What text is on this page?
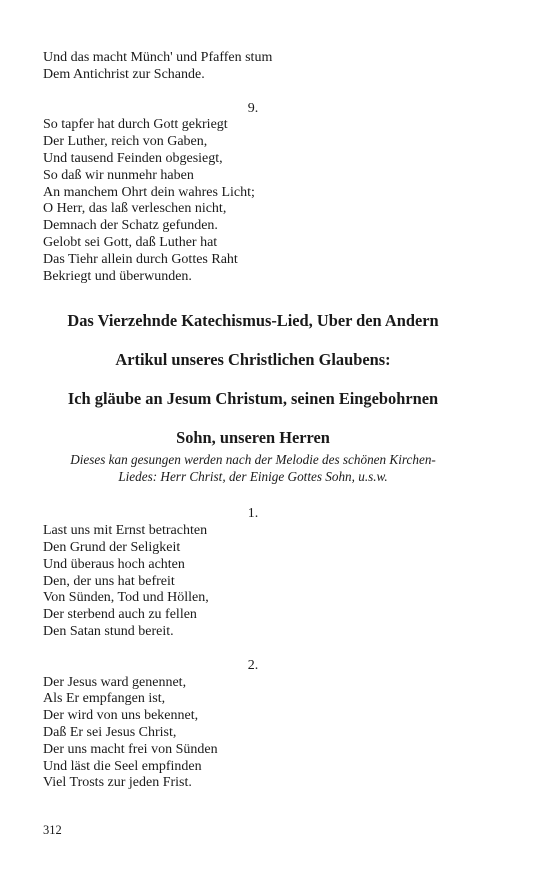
Und das macht Münch' und Pfaffen stum
Dem Antichrist zur Schande.
9.
So tapfer hat durch Gott gekriegt
Der Luther, reich von Gaben,
Und tausend Feinden obgesiegt,
So daß wir nunmehr haben
An manchem Ohrt dein wahres Licht;
O Herr, das laß verleschen nicht,
Demnach der Schatz gefunden.
Gelobt sei Gott, daß Luther hat
Das Tiehr allein durch Gottes Raht
Bekriegt und überwunden.
Das Vierzehnde Katechismus-Lied, Uber den Andern
Artikul unseres Christlichen Glaubens:
Ich gläube an Jesum Christum, seinen Eingebohrnen
Sohn, unseren Herren
Dieses kan gesungen werden nach der Melodie des schönen Kirchen-
Liedes: Herr Christ, der Einige Gottes Sohn, u.s.w.
1.
Last uns mit Ernst betrachten
Den Grund der Seligkeit
Und überaus hoch achten
Den, der uns hat befreit
Von Sünden, Tod und Höllen,
Der sterbend auch zu fellen
Den Satan stund bereit.
2.
Der Jesus ward genennet,
Als Er empfangen ist,
Der wird von uns bekennet,
Daß Er sei Jesus Christ,
Der uns macht frei von Sünden
Und läst die Seel empfinden
Viel Trosts zur jeden Frist.
312
